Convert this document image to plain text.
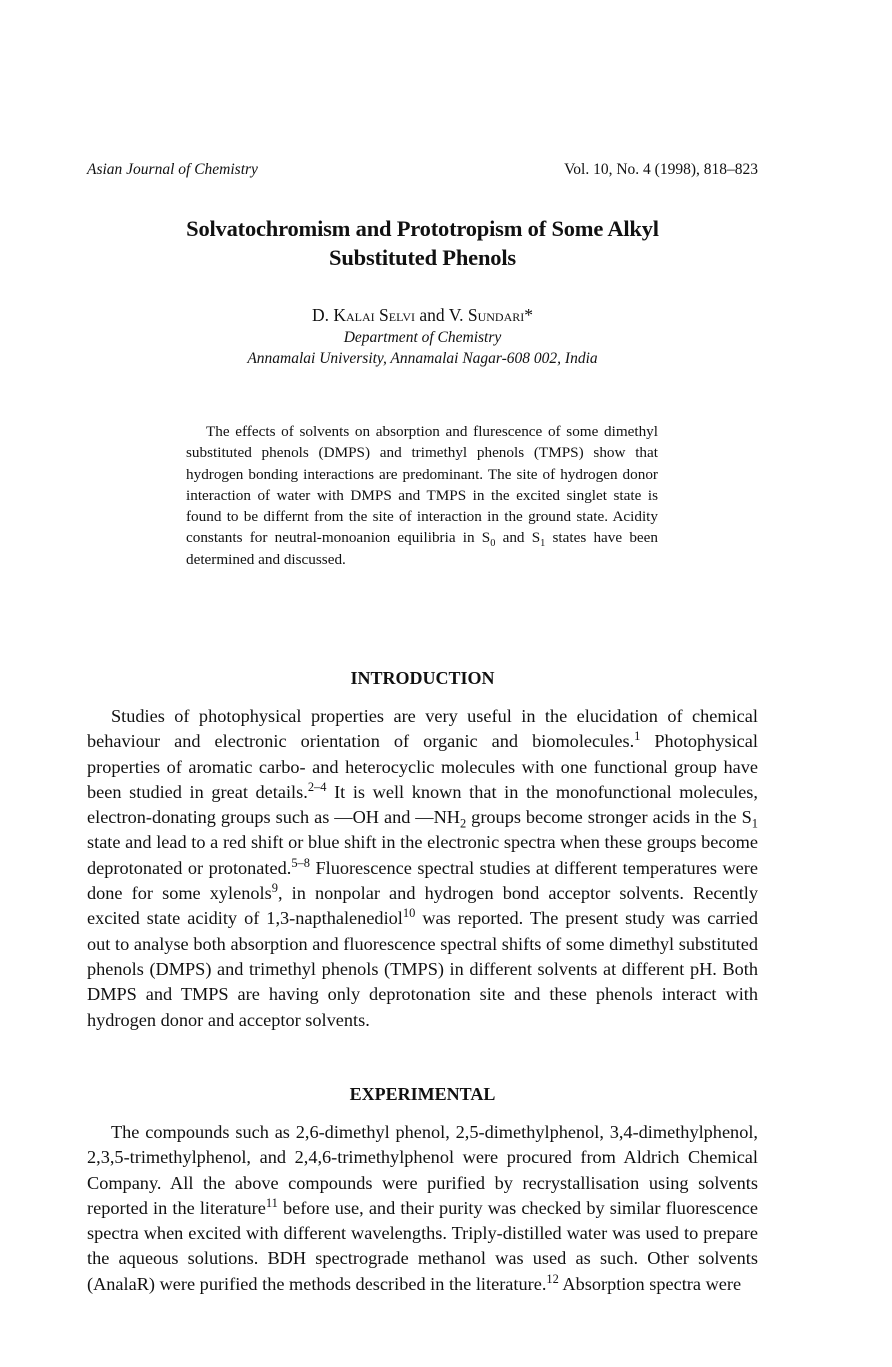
Asian Journal of Chemistry	Vol. 10, No. 4 (1998), 818–823
Solvatochromism and Prototropism of Some Alkyl
Substituted Phenols
D. Kalai Selvi and V. Sundari*
Department of Chemistry
Annamalai University, Annamalai Nagar-608 002, India

The effects of solvents on absorption and flurescence of some dimethyl substituted phenols (DMPS) and trimethyl phenols (TMPS) show that hydrogen bonding interactions are predominant. The site of hydrogen donor interaction of water with DMPS and TMPS in the excited singlet state is found to be differnt from the site of interaction in the ground state. Acidity constants for neutral-monoanion equilibria in $S_0$ and $S_1$ states have been determined and discussed.

INTRODUCTION

Studies of photophysical properties are very useful in the elucidation of chemical behaviour and electronic orientation of organic and biomolecules.$^1$ Photophysical properties of aromatic carbo- and heterocyclic molecules with one functional group have been studied in great details.$^{2-4}$ It is well known that in the monofunctional molecules, electron-donating groups such as —OH and $—NH_2$ groups become stronger acids in the $S_1$ state and lead to a red shift or blue shift in the electronic spectra when these groups become deprotonated or protonated.$^{5-8}$ Fluorescence spectral studies at different temperatures were done for some xylenols$^9$, in nonpolar and hydrogen bond acceptor solvents. Recently excited state acidity of 1,3-napthalenediol$^{10}$ was reported. The present study was carried out to analyse both absorption and fluorescence spectral shifts of some dimethyl substituted phenols (DMPS) and trimethyl phenols (TMPS) in different solvents at different pH. Both DMPS and TMPS are having only deprotonation site and these phenols interact with hydrogen donor and acceptor solvents.

EXPERIMENTAL

The compounds such as 2,6-dimethyl phenol, 2,5-dimethylphenol, 3,4-dimethylphenol, 2,3,5-trimethylphenol, and 2,4,6-trimethylphenol were procured from Aldrich Chemical Company. All the above compounds were purified by recrystallisation using solvents reported in the literature$^{11}$ before use, and their purity was checked by similar fluorescence spectra when excited with different wavelengths. Triply-distilled water was used to prepare the aqueous solutions. BDH spectrograde methanol was used as such. Other solvents (AnalaR) were purified the methods described in the literature.$^{12}$ Absorption spectra were
